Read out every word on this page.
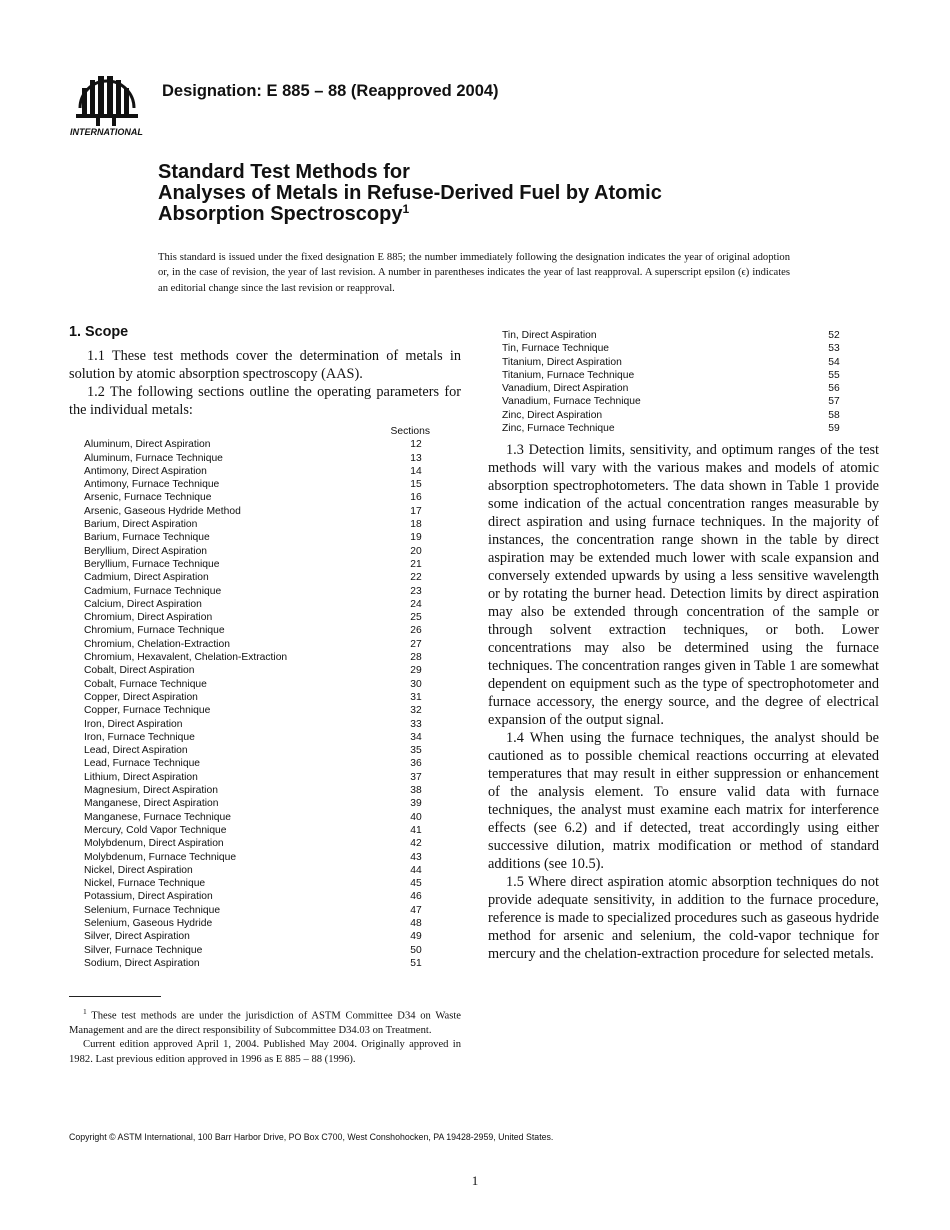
INTERNATIONAL
Designation: E 885 – 88 (Reapproved 2004)
Standard Test Methods for
Analyses of Metals in Refuse-Derived Fuel by Atomic
Absorption Spectroscopy$^1$
This standard is issued under the fixed designation E 885; the number immediately following the designation indicates the year of original adoption or, in the case of revision, the year of last revision. A number in parentheses indicates the year of last reapproval. A superscript epsilon (ϵ) indicates an editorial change since the last revision or reapproval.
1. Scope

1.1 These test methods cover the determination of metals in solution by atomic absorption spectroscopy (AAS).

1.2 The following sections outline the operating parameters for the individual metals:

Sections
Aluminum, Direct Aspiration	12
Aluminum, Furnace Technique	13
Antimony, Direct Aspiration	14
Antimony, Furnace Technique	15
Arsenic, Furnace Technique	16
Arsenic, Gaseous Hydride Method	17
Barium, Direct Aspiration	18
Barium, Furnace Technique	19
Beryllium, Direct Aspiration	20
Beryllium, Furnace Technique	21
Cadmium, Direct Aspiration	22
Cadmium, Furnace Technique	23
Calcium, Direct Aspiration	24
Chromium, Direct Aspiration	25
Chromium, Furnace Technique	26
Chromium, Chelation-Extraction	27
Chromium, Hexavalent, Chelation-Extraction	28
Cobalt, Direct Aspiration	29
Cobalt, Furnace Technique	30
Copper, Direct Aspiration	31
Copper, Furnace Technique	32
Iron, Direct Aspiration	33
Iron, Furnace Technique	34
Lead, Direct Aspiration	35
Lead, Furnace Technique	36
Lithium, Direct Aspiration	37
Magnesium, Direct Aspiration	38
Manganese, Direct Aspiration	39
Manganese, Furnace Technique	40
Mercury, Cold Vapor Technique	41
Molybdenum, Direct Aspiration	42
Molybdenum, Furnace Technique	43
Nickel, Direct Aspiration	44
Nickel, Furnace Technique	45
Potassium, Direct Aspiration	46
Selenium, Furnace Technique	47
Selenium, Gaseous Hydride	48
Silver, Direct Aspiration	49
Silver, Furnace Technique	50
Sodium, Direct Aspiration	51
Tin, Direct Aspiration	52
Tin, Furnace Technique	53
Titanium, Direct Aspiration	54
Titanium, Furnace Technique	55
Vanadium, Direct Aspiration	56
Vanadium, Furnace Technique	57
Zinc, Direct Aspiration	58
Zinc, Furnace Technique	59

1.3 Detection limits, sensitivity, and optimum ranges of the test methods will vary with the various makes and models of atomic absorption spectrophotometers. The data shown in Table 1 provide some indication of the actual concentration ranges measurable by direct aspiration and using furnace techniques. In the majority of instances, the concentration range shown in the table by direct aspiration may be extended much lower with scale expansion and conversely extended upwards by using a less sensitive wavelength or by rotating the burner head. Detection limits by direct aspiration may also be extended through concentration of the sample or through solvent extraction techniques, or both. Lower concentrations may also be determined using the furnace techniques. The concentration ranges given in Table 1 are somewhat dependent on equipment such as the type of spectrophotometer and furnace accessory, the energy source, and the degree of electrical expansion of the output signal.

1.4 When using the furnace techniques, the analyst should be cautioned as to possible chemical reactions occurring at elevated temperatures that may result in either suppression or enhancement of the analysis element. To ensure valid data with furnace techniques, the analyst must examine each matrix for interference effects (see 6.2) and if detected, treat accordingly using either successive dilution, matrix modification or method of standard additions (see 10.5).

1.5 Where direct aspiration atomic absorption techniques do not provide adequate sensitivity, in addition to the furnace procedure, reference is made to specialized procedures such as gaseous hydride method for arsenic and selenium, the cold-vapor technique for mercury and the chelation-extraction procedure for selected metals.

$^1$ These test methods are under the jurisdiction of ASTM Committee D34 on Waste Management and are the direct responsibility of Subcommittee D34.03 on Treatment.

Current edition approved April 1, 2004. Published May 2004. Originally approved in 1982. Last previous edition approved in 1996 as E 885 – 88 (1996).

Copyright © ASTM International, 100 Barr Harbor Drive, PO Box C700, West Conshohocken, PA 19428-2959, United States.
1
